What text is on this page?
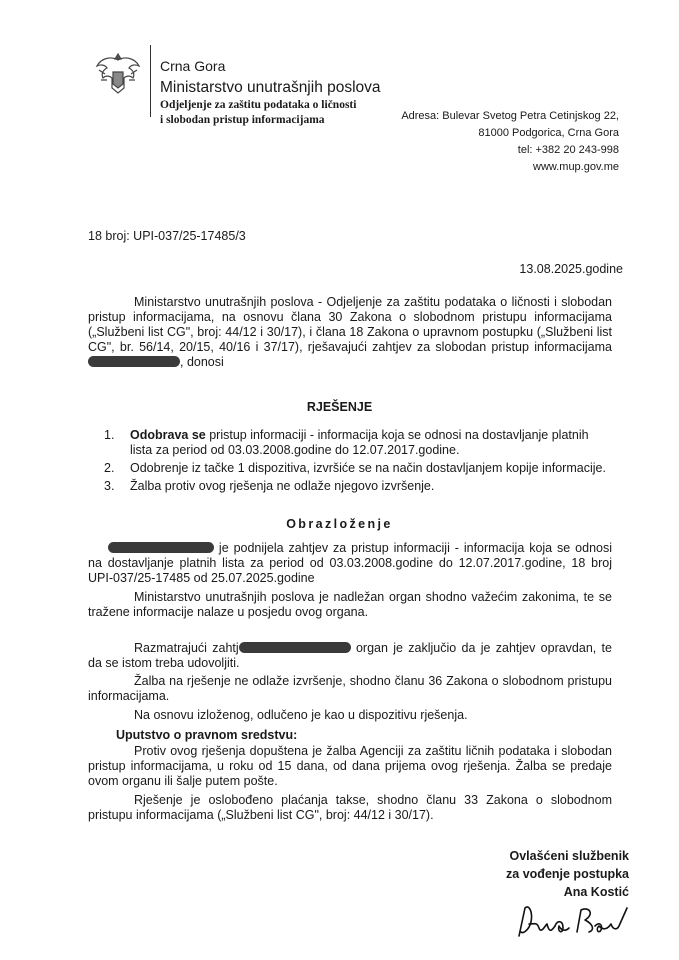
Crna Gora
Ministarstvo unutrašnjih poslova
Odjeljenje za zaštitu podataka o ličnosti
i slobodan pristup informacijama	Adresa: Bulevar Svetog Petra Cetinjskog 22,
81000 Podgorica, Crna Gora
tel: +382 20 243-998
www.mup.gov.me
18 broj: UPI-037/25-17485/3
13.08.2025.godine
Ministarstvo unutrašnjih poslova - Odjeljenje za zaštitu podataka o ličnosti i slobodan pristup informacijama, na osnovu člana 30 Zakona o slobodnom pristupu informacijama („Službeni list CG", broj: 44/12 i 30/17), i člana 18 Zakona o upravnom postupku („Službeni list CG", br. 56/14, 20/15, 40/16 i 37/17), rješavajući zahtjev za slobodan pristup informacijama , donosi
RJEŠENJE
1. Odobrava se pristup informaciji - informacija koja se odnosi na dostavljanje platnih lista za period od 03.03.2008.godine do 12.07.2017.godine.
2. Odobrenje iz tačke 1 dispozitiva, izvršiće se na način dostavljanjem kopije informacije.
3. Žalba protiv ovog rješenja ne odlaže njegovo izvršenje.
Obrazloženje
je podnijela zahtjev za pristup informaciji - informacija koja se odnosi na dostavljanje platnih lista za period od 03.03.2008.godine do 12.07.2017.godine, 18 broj UPI-037/25-17485 od 25.07.2025.godine
Ministarstvo unutrašnjih poslova je nadležan organ shodno važećim zakonima, te se tražene informacije nalaze u posjedu ovog organa.
Razmatrajući zahtj	organ je zaključio da je zahtjev opravdan, te da se istom treba udovoljiti.
Žalba na rješenje ne odlaže izvršenje, shodno članu 36 Zakona o slobodnom pristupu informacijama.
Na osnovu izloženog, odlučeno je kao u dispozitivu rješenja.
Uputstvo o pravnom sredstvu:
Protiv ovog rješenja dopuštena je žalba Agenciji za zaštitu ličnih podataka i slobodan pristup informacijama, u roku od 15 dana, od dana prijema ovog rješenja. Žalba se predaje ovom organu ili šalje putem pošte.
Rješenje je oslobođeno plaćanja takse, shodno članu 33 Zakona o slobodnom pristupu informacijama („Službeni list CG", broj: 44/12 i 30/17).
Ovlašćeni službenik
za vođenje postupka
Ana Kostić
